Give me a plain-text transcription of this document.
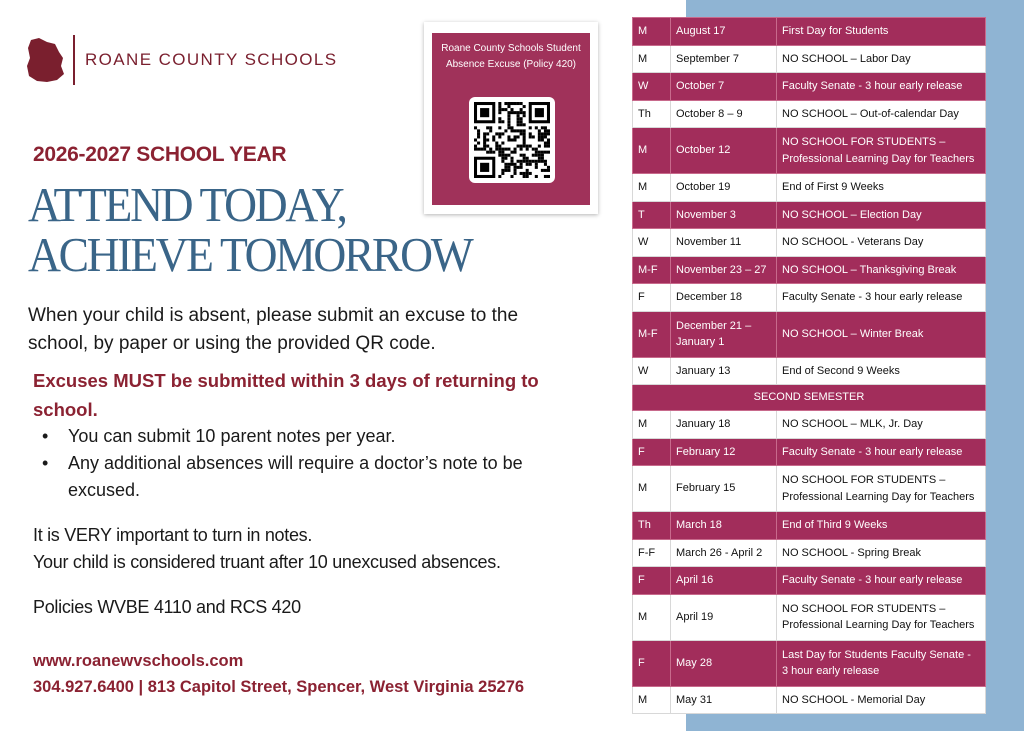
ROANE COUNTY SCHOOLS
Roane County Schools Student Absence Excuse (Policy 420)
2026-2027 SCHOOL YEAR
ATTEND TODAY,
ACHIEVE TOMORROW
When your child is absent, please submit an excuse to the school, by paper or using the provided QR code.
Excuses MUST be submitted within 3 days of returning to school.
• You can submit 10 parent notes per year.
• Any additional absences will require a doctor’s note to be excused.
It is VERY important to turn in notes.
Your child is considered truant after 10 unexcused absences.
Policies WVBE 4110 and RCS 420
www.roanewvschools.com
304.927.6400 | 813 Capitol Street, Spencer, West Virginia 25276
M	August 17	First Day for Students
M	September 7	NO SCHOOL – Labor Day
W	October 7	Faculty Senate - 3 hour early release
Th	October 8 – 9	NO SCHOOL – Out-of-calendar Day
M	October 12	NO SCHOOL FOR STUDENTS – Professional Learning Day for Teachers
M	October 19	End of First 9 Weeks
T	November 3	NO SCHOOL – Election Day
W	November 11	NO SCHOOL - Veterans Day
M-F	November 23 – 27	NO SCHOOL – Thanksgiving Break
F	December 18	Faculty Senate - 3 hour early release
M-F	December 21 – January 1	NO SCHOOL – Winter Break
W	January 13	End of Second 9 Weeks
SECOND SEMESTER		
M	January 18	NO SCHOOL – MLK, Jr. Day
F	February 12	Faculty Senate - 3 hour early release
M	February 15	NO SCHOOL FOR STUDENTS – Professional Learning Day for Teachers
Th	March 18	End of Third 9 Weeks
F-F	March 26 - April 2	NO SCHOOL - Spring Break
F	April 16	Faculty Senate - 3 hour early release
M	April 19	NO SCHOOL FOR STUDENTS – Professional Learning Day for Teachers
F	May 28	Last Day for Students Faculty Senate - 3 hour early release
M	May 31	NO SCHOOL - Memorial Day
